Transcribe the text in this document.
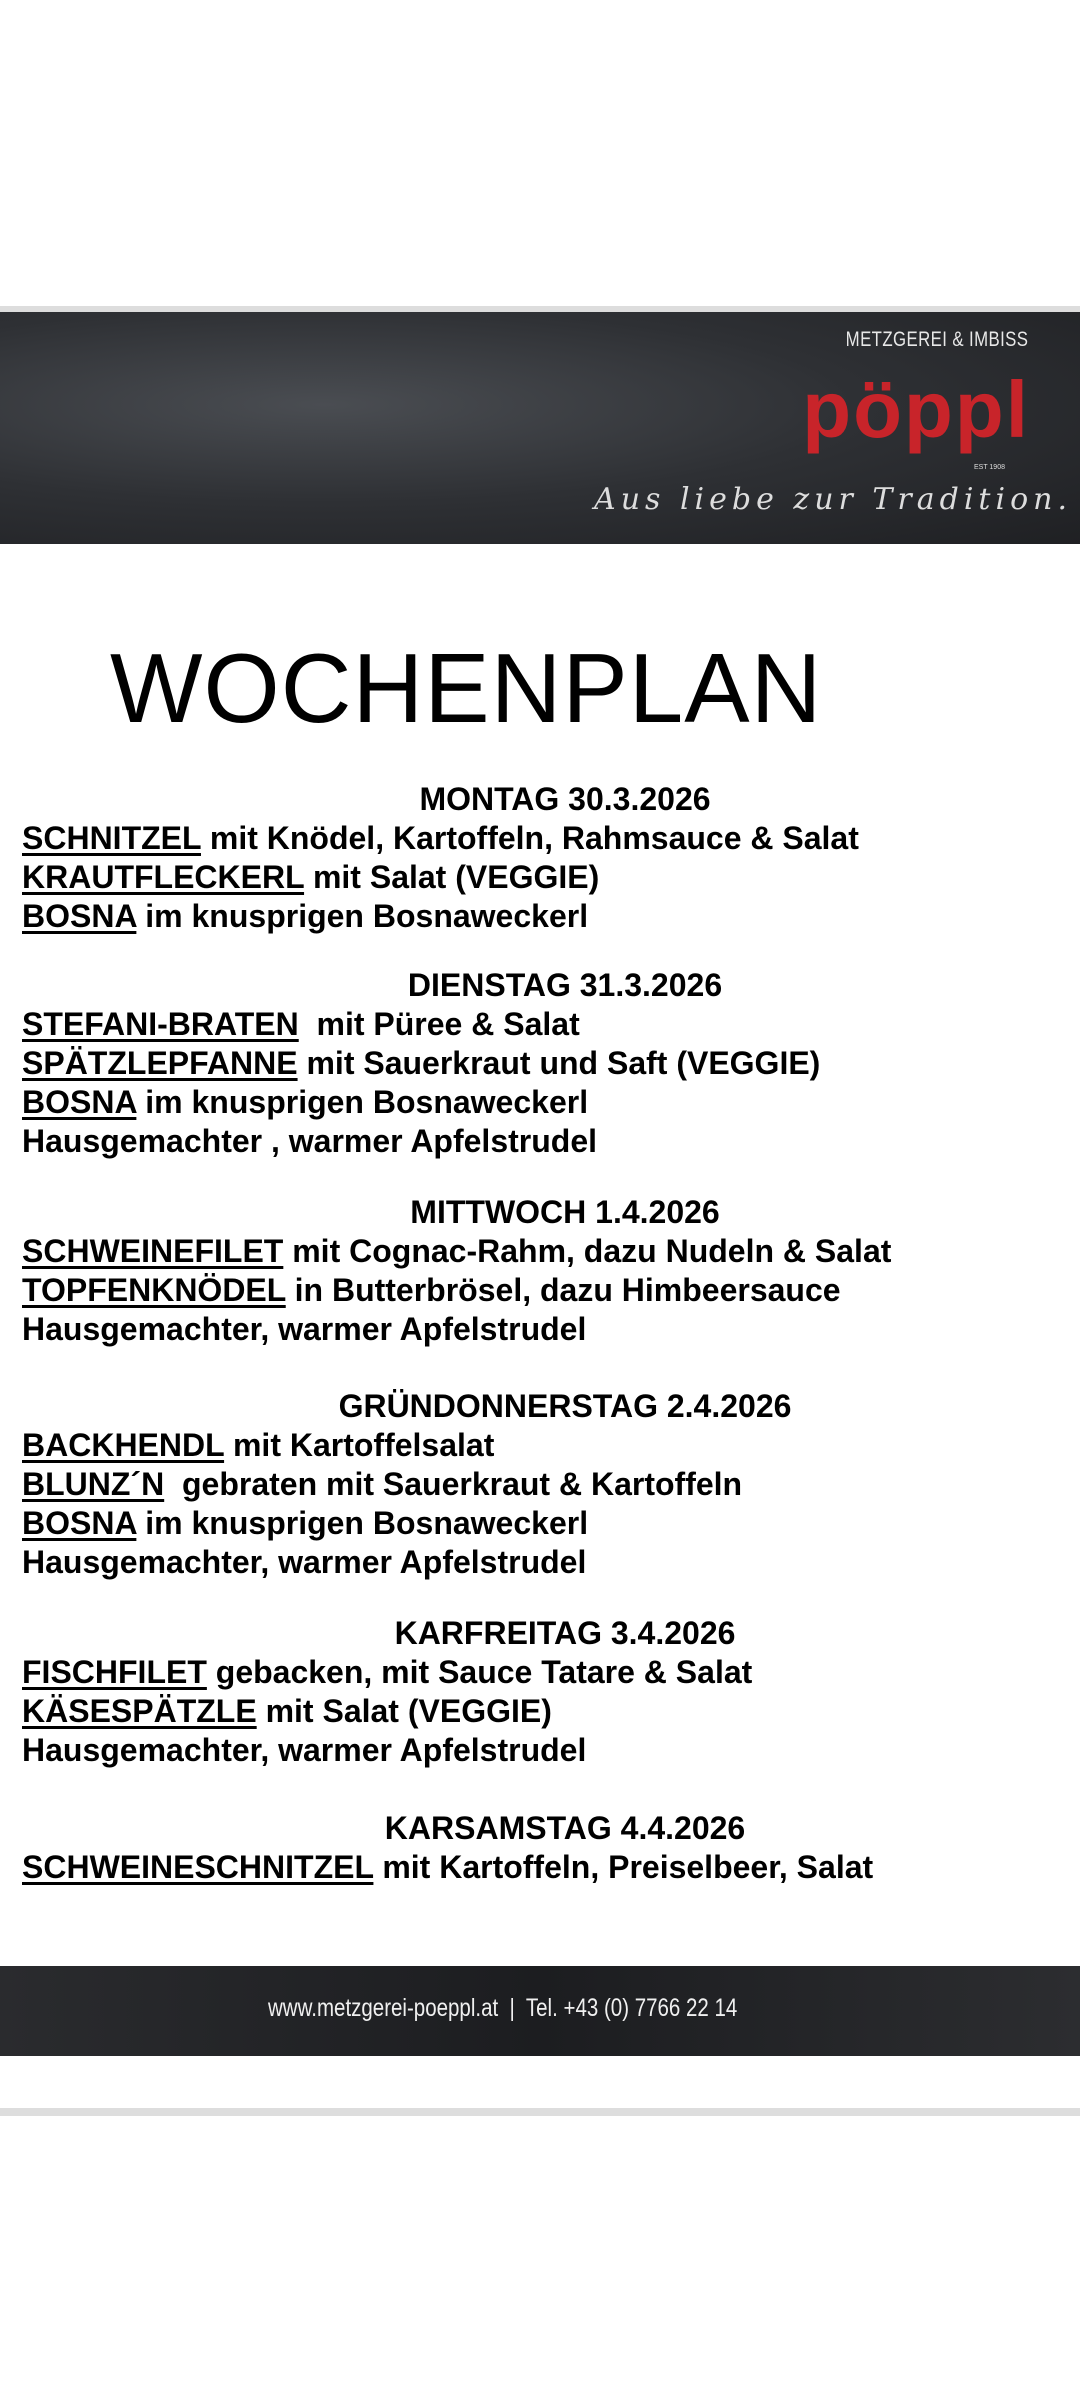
METZGEREI & IMBISS
pöppl
EST 1908
Aus liebe zur Tradition.
WOCHENPLAN
MONTAG 30.3.2026
SCHNITZEL mit Knödel, Kartoffeln, Rahmsauce & Salat
KRAUTFLECKERL mit Salat (VEGGIE)
BOSNA im knusprigen Bosnaweckerl
DIENSTAG 31.3.2026
STEFANI-BRATEN  mit Püree & Salat
SPÄTZLEPFANNE mit Sauerkraut und Saft (VEGGIE)
BOSNA im knusprigen Bosnaweckerl
Hausgemachter , warmer Apfelstrudel
MITTWOCH 1.4.2026
SCHWEINEFILET mit Cognac-Rahm, dazu Nudeln & Salat
TOPFENKNÖDEL in Butterbrösel, dazu Himbeersauce
Hausgemachter, warmer Apfelstrudel
GRÜNDONNERSTAG 2.4.2026
BACKHENDL mit Kartoffelsalat
BLUNZ´N  gebraten mit Sauerkraut & Kartoffeln
BOSNA im knusprigen Bosnaweckerl
Hausgemachter, warmer Apfelstrudel
KARFREITAG 3.4.2026
FISCHFILET gebacken, mit Sauce Tatare & Salat
KÄSESPÄTZLE mit Salat (VEGGIE)
Hausgemachter, warmer Apfelstrudel
KARSAMSTAG 4.4.2026
SCHWEINESCHNITZEL mit Kartoffeln, Preiselbeer, Salat
www.metzgerei-poeppl.at  |  Tel. +43 (0) 7766 22 14
